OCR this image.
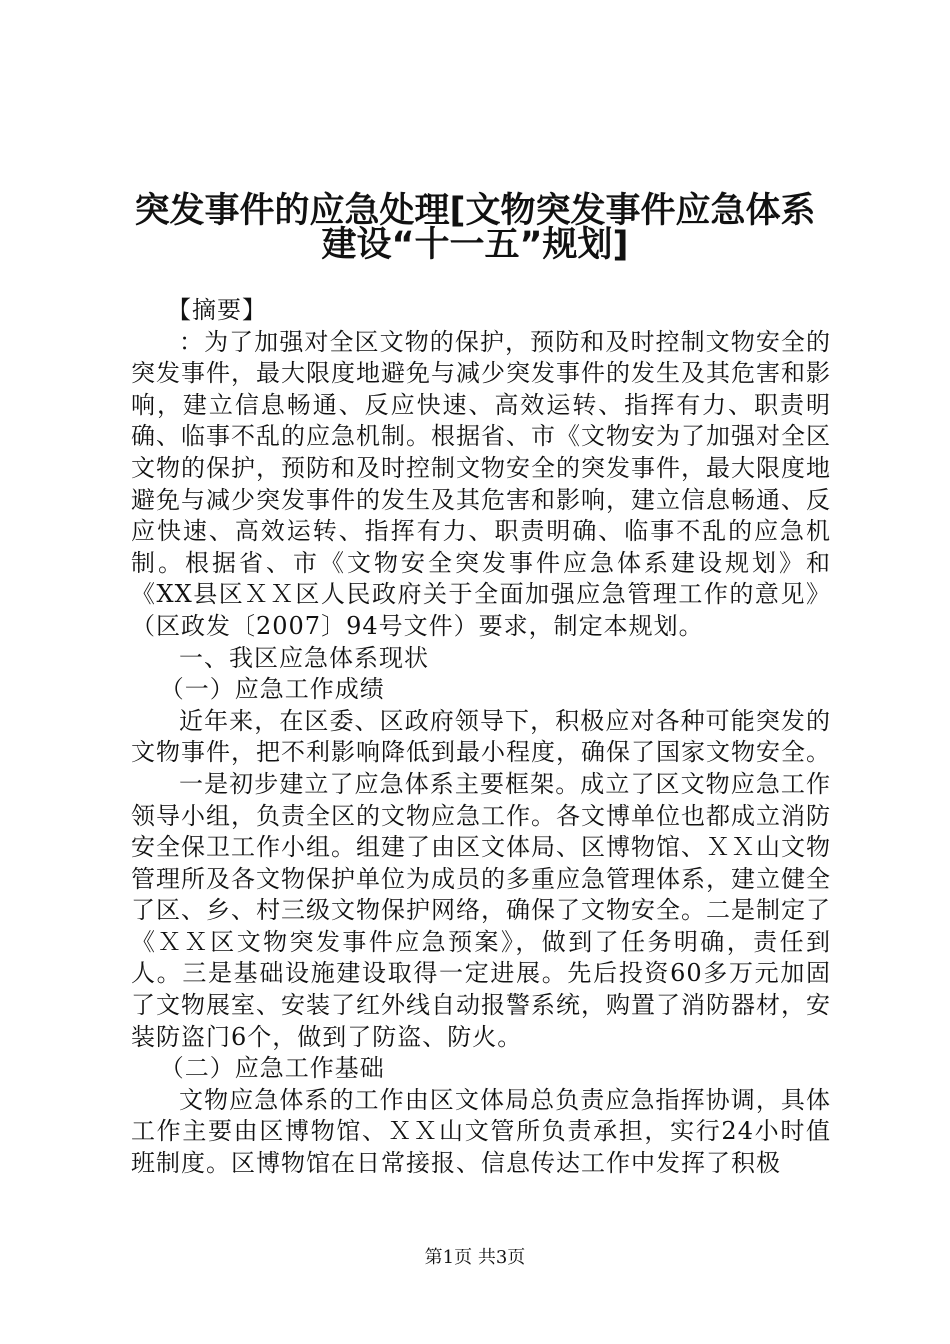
突发事件的应急处理[文物突发事件应急体系
建设“十一五”规划]

【摘要】

：为了加强对全区文物的保护，预防和及时控制文物安全的突发事件，最大限度地避免与减少突发事件的发生及其危害和影响，建立信息畅通、反应快速、高效运转、指挥有力、职责明确、临事不乱的应急机制。根据省、市《文物安为了加强对全区文物的保护，预防和及时控制文物安全的突发事件，最大限度地避免与减少突发事件的发生及其危害和影响，建立信息畅通、反应快速、高效运转、指挥有力、职责明确、临事不乱的应急机制。根据省、市《文物安全突发事件应急体系建设规划》和《XX县区ＸＸ区人民政府关于全面加强应急管理工作的意见》（区政发〔2007〕94号文件）要求，制定本规划。

一、我区应急体系现状

（一）应急工作成绩

近年来，在区委、区政府领导下，积极应对各种可能突发的文物事件，把不利影响降低到最小程度，确保了国家文物安全。

一是初步建立了应急体系主要框架。成立了区文物应急工作领导小组，负责全区的文物应急工作。各文博单位也都成立消防安全保卫工作小组。组建了由区文体局、区博物馆、ＸＸ山文物管理所及各文物保护单位为成员的多重应急管理体系，建立健全了区、乡、村三级文物保护网络，确保了文物安全。二是制定了《ＸＸ区文物突发事件应急预案》，做到了任务明确，责任到人。三是基础设施建设取得一定进展。先后投资60多万元加固了文物展室、安装了红外线自动报警系统，购置了消防器材，安装防盗门6个，做到了防盗、防火。

（二）应急工作基础

文物应急体系的工作由区文体局总负责应急指挥协调，具体工作主要由区博物馆、ＸＸ山文管所负责承担，实行24小时值班制度。区博物馆在日常接报、信息传达工作中发挥了积极

第1页 共3页
